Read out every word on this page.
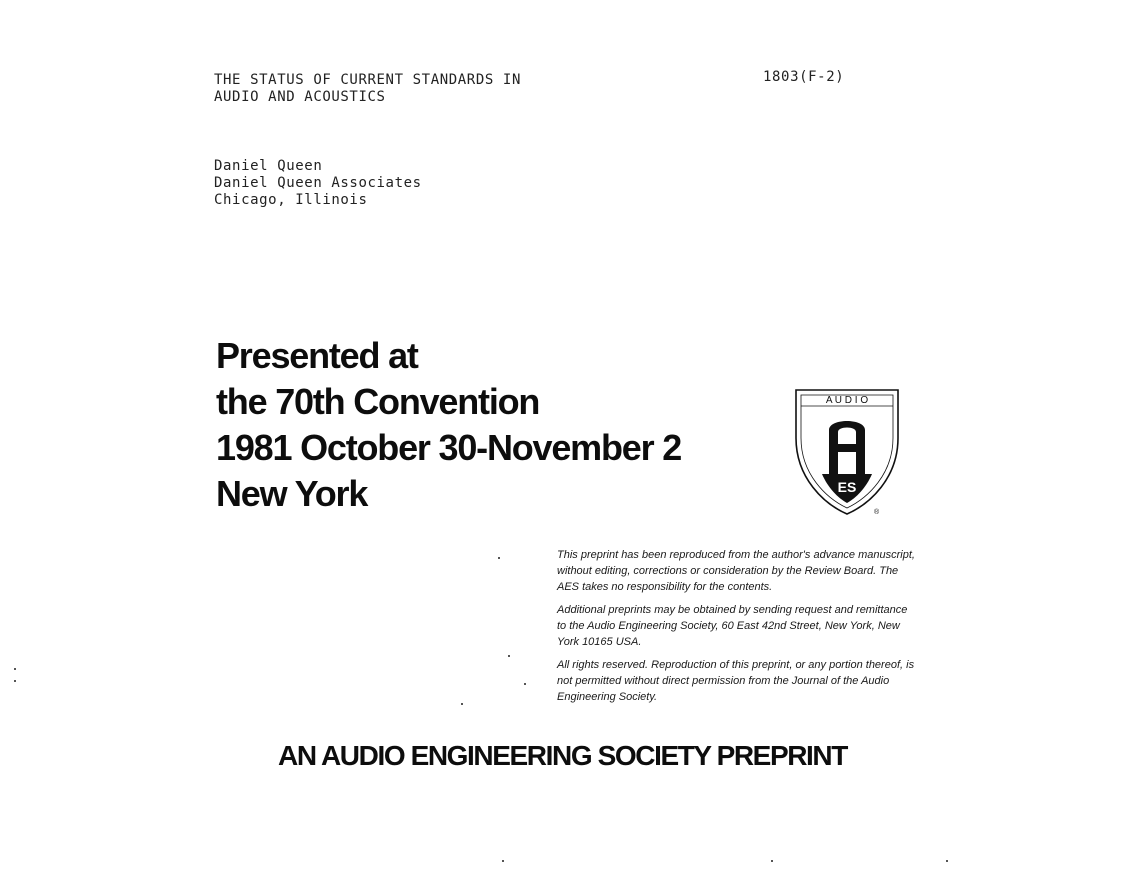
THE STATUS OF CURRENT STANDARDS IN
AUDIO AND ACOUSTICS
1803(F-2)
Daniel Queen
Daniel Queen Associates
Chicago, Illinois
Presented at
the 70th Convention
1981 October 30-November 2
New York
A U D I O
ES
®

This preprint has been reproduced from the author's advance manuscript, without editing, corrections or consideration by the Review Board. The AES takes no responsibility for the contents.

Additional preprints may be obtained by sending request and remittance to the Audio Engineering Society, 60 East 42nd Street, New York, New York 10165 USA.

All rights reserved. Reproduction of this preprint, or any portion thereof, is not permitted without direct permission from the Journal of the Audio Engineering Society.

AN AUDIO ENGINEERING SOCIETY PREPRINT
